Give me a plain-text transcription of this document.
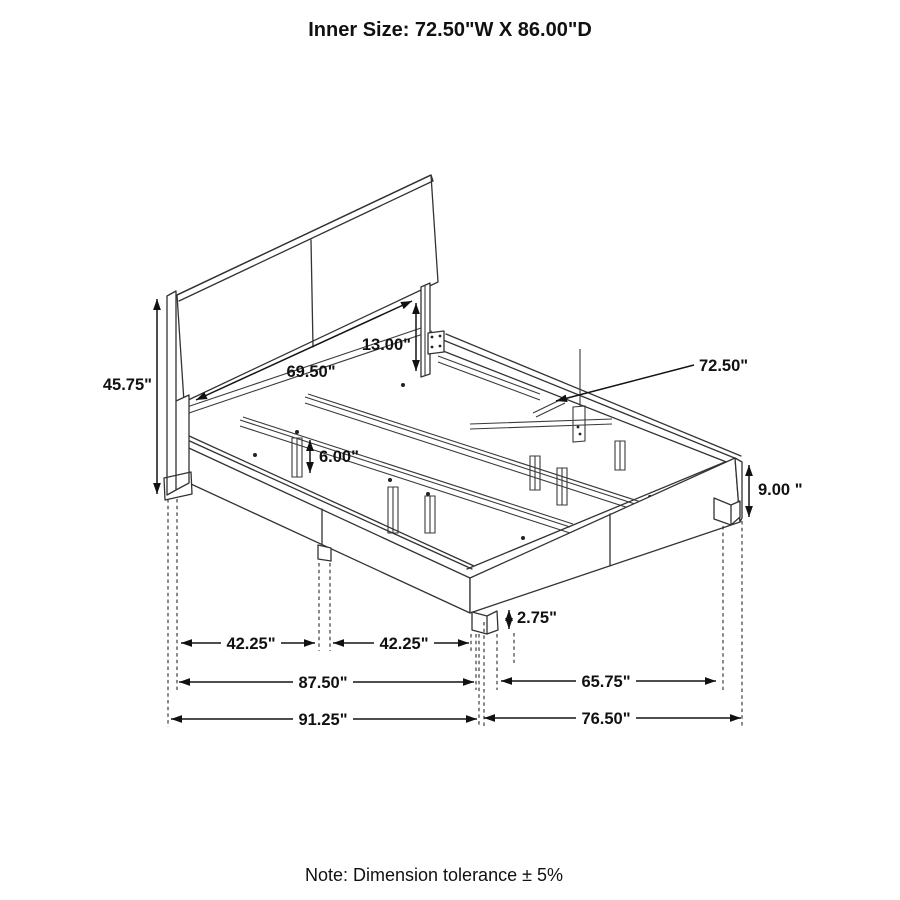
45.75"
69.50"
13.00"
72.50"
6.00"
9.00 "
2.75"
42.25"	42.25"
87.50"	65.75"
91.25"	76.50"
Inner Size: 72.50"W X 86.00"D
Note: Dimension tolerance ± 5%
